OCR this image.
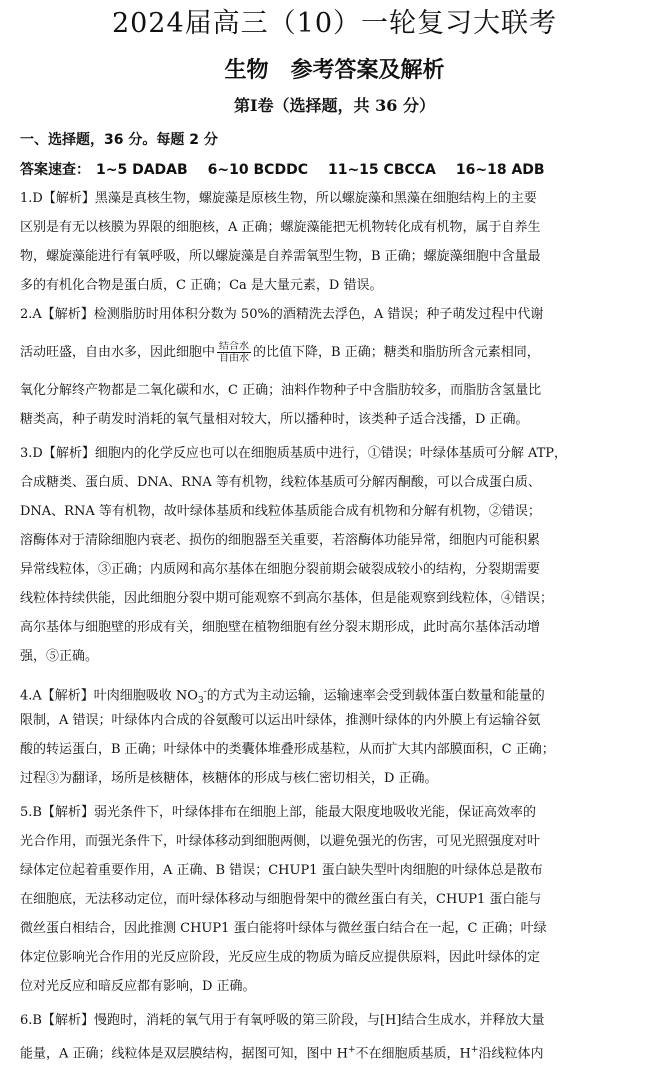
2024届高三（10）一轮复习大联考
生物　参考答案及解析
第Ⅰ卷（选择题，共 36 分）
一、选择题，36 分。每题 2 分
答案速查： 1~5 DADAB 6~10 BCDDC 11~15 CBCCA 16~18 ADB
1.D【解析】黑藻是真核生物，螺旋藻是原核生物，所以螺旋藻和黑藻在细胞结构上的主要
区别是有无以核膜为界限的细胞核，A 正确；螺旋藻能把无机物转化成有机物，属于自养生
物，螺旋藻能进行有氧呼吸，所以螺旋藻是自养需氧型生物，B 正确；螺旋藻细胞中含量最
多的有机化合物是蛋白质，C 正确；Ca 是大量元素，D 错误。
2.A【解析】检测脂肪时用体积分数为 50%的酒精洗去浮色，A 错误；种子萌发过程中代谢
活动旺盛，自由水多，因此细胞中 $\frac{\text{结合水}}{\text{自由水}}$ 的比值下降，B 正确；糖类和脂肪所含元素相同，
氧化分解终产物都是二氧化碳和水，C 正确；油料作物种子中含脂肪较多，而脂肪含氢量比
糖类高，种子萌发时消耗的氧气量相对较大，所以播种时，该类种子适合浅播，D 正确。
3.D【解析】细胞内的化学反应也可以在细胞质基质中进行，①错误；叶绿体基质可分解 ATP，
合成糖类、蛋白质、DNA、RNA 等有机物，线粒体基质可分解丙酮酸，可以合成蛋白质、
DNA、RNA 等有机物，故叶绿体基质和线粒体基质能合成有机物和分解有机物，②错误；
溶酶体对于清除细胞内衰老、损伤的细胞器至关重要，若溶酶体功能异常，细胞内可能积累
异常线粒体，③正确；内质网和高尔基体在细胞分裂前期会破裂成较小的结构，分裂期需要
线粒体持续供能，因此细胞分裂中期可能观察不到高尔基体，但是能观察到线粒体，④错误；
高尔基体与细胞壁的形成有关，细胞壁在植物细胞有丝分裂末期形成，此时高尔基体活动增
强，⑤正确。
4.A【解析】叶肉细胞吸收 $NO_3^-$的方式为主动运输，运输速率会受到载体蛋白数量和能量的
限制，A 错误；叶绿体内合成的谷氨酸可以运出叶绿体，推测叶绿体的内外膜上有运输谷氨
酸的转运蛋白，B 正确；叶绿体中的类囊体堆叠形成基粒，从而扩大其内部膜面积，C 正确；
过程③为翻译，场所是核糖体，核糖体的形成与核仁密切相关，D 正确。
5.B【解析】弱光条件下，叶绿体排布在细胞上部，能最大限度地吸收光能，保证高效率的
光合作用，而强光条件下，叶绿体移动到细胞两侧，以避免强光的伤害，可见光照强度对叶
绿体定位起着重要作用，A 正确、B 错误；CHUP1 蛋白缺失型叶肉细胞的叶绿体总是散布
在细胞底，无法移动定位，而叶绿体移动与细胞骨架中的微丝蛋白有关，CHUP1 蛋白能与
微丝蛋白相结合，因此推测 CHUP1 蛋白能将叶绿体与微丝蛋白结合在一起，C 正确；叶绿
体定位影响光合作用的光反应阶段，光反应生成的物质为暗反应提供原料，因此叶绿体的定
位对光反应和暗反应都有影响，D 正确。
6.B【解析】慢跑时，消耗的氧气用于有氧呼吸的第三阶段，与[H]结合生成水，并释放大量
能量，A 正确；线粒体是双层膜结构，据图可知，图中 H+不在细胞质基质，H+沿线粒体内
